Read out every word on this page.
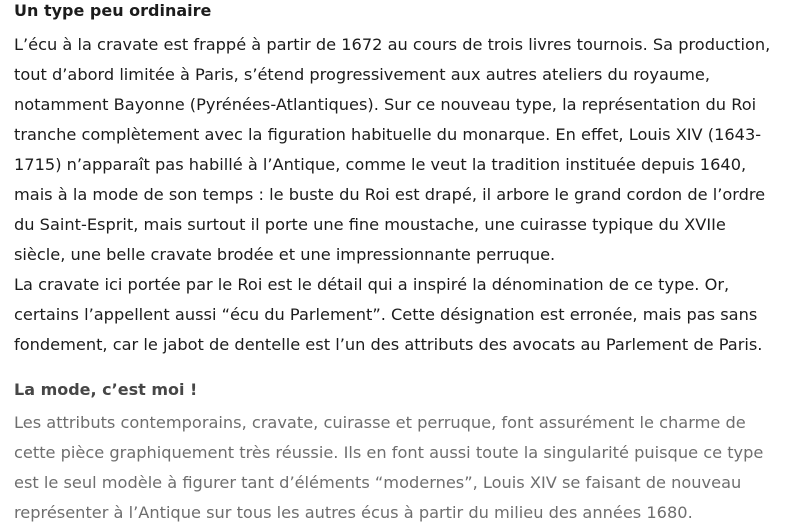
Un type peu ordinaire

L’écu à la cravate est frappé à partir de 1672 au cours de trois livres tournois. Sa production,

tout d’abord limitée à Paris, s’étend progressivement aux autres ateliers du royaume,

notamment Bayonne (Pyrénées-Atlantiques). Sur ce nouveau type, la représentation du Roi

tranche complètement avec la figuration habituelle du monarque. En effet, Louis XIV (1643-

1715) n’apparaît pas habillé à l’Antique, comme le veut la tradition instituée depuis 1640,

mais à la mode de son temps : le buste du Roi est drapé, il arbore le grand cordon de l’ordre

du Saint-Esprit, mais surtout il porte une fine moustache, une cuirasse typique du XVIIe

siècle, une belle cravate brodée et une impressionnante perruque.

La cravate ici portée par le Roi est le détail qui a inspiré la dénomination de ce type. Or,

certains l’appellent aussi “écu du Parlement”. Cette désignation est erronée, mais pas sans

fondement, car le jabot de dentelle est l’un des attributs des avocats au Parlement de Paris.

La mode, c’est moi !

Les attributs contemporains, cravate, cuirasse et perruque, font assurément le charme de

cette pièce graphiquement très réussie. Ils en font aussi toute la singularité puisque ce type

est le seul modèle à figurer tant d’éléments “modernes”, Louis XIV se faisant de nouveau

représenter à l’Antique sur tous les autres écus à partir du milieu des années 1680.
